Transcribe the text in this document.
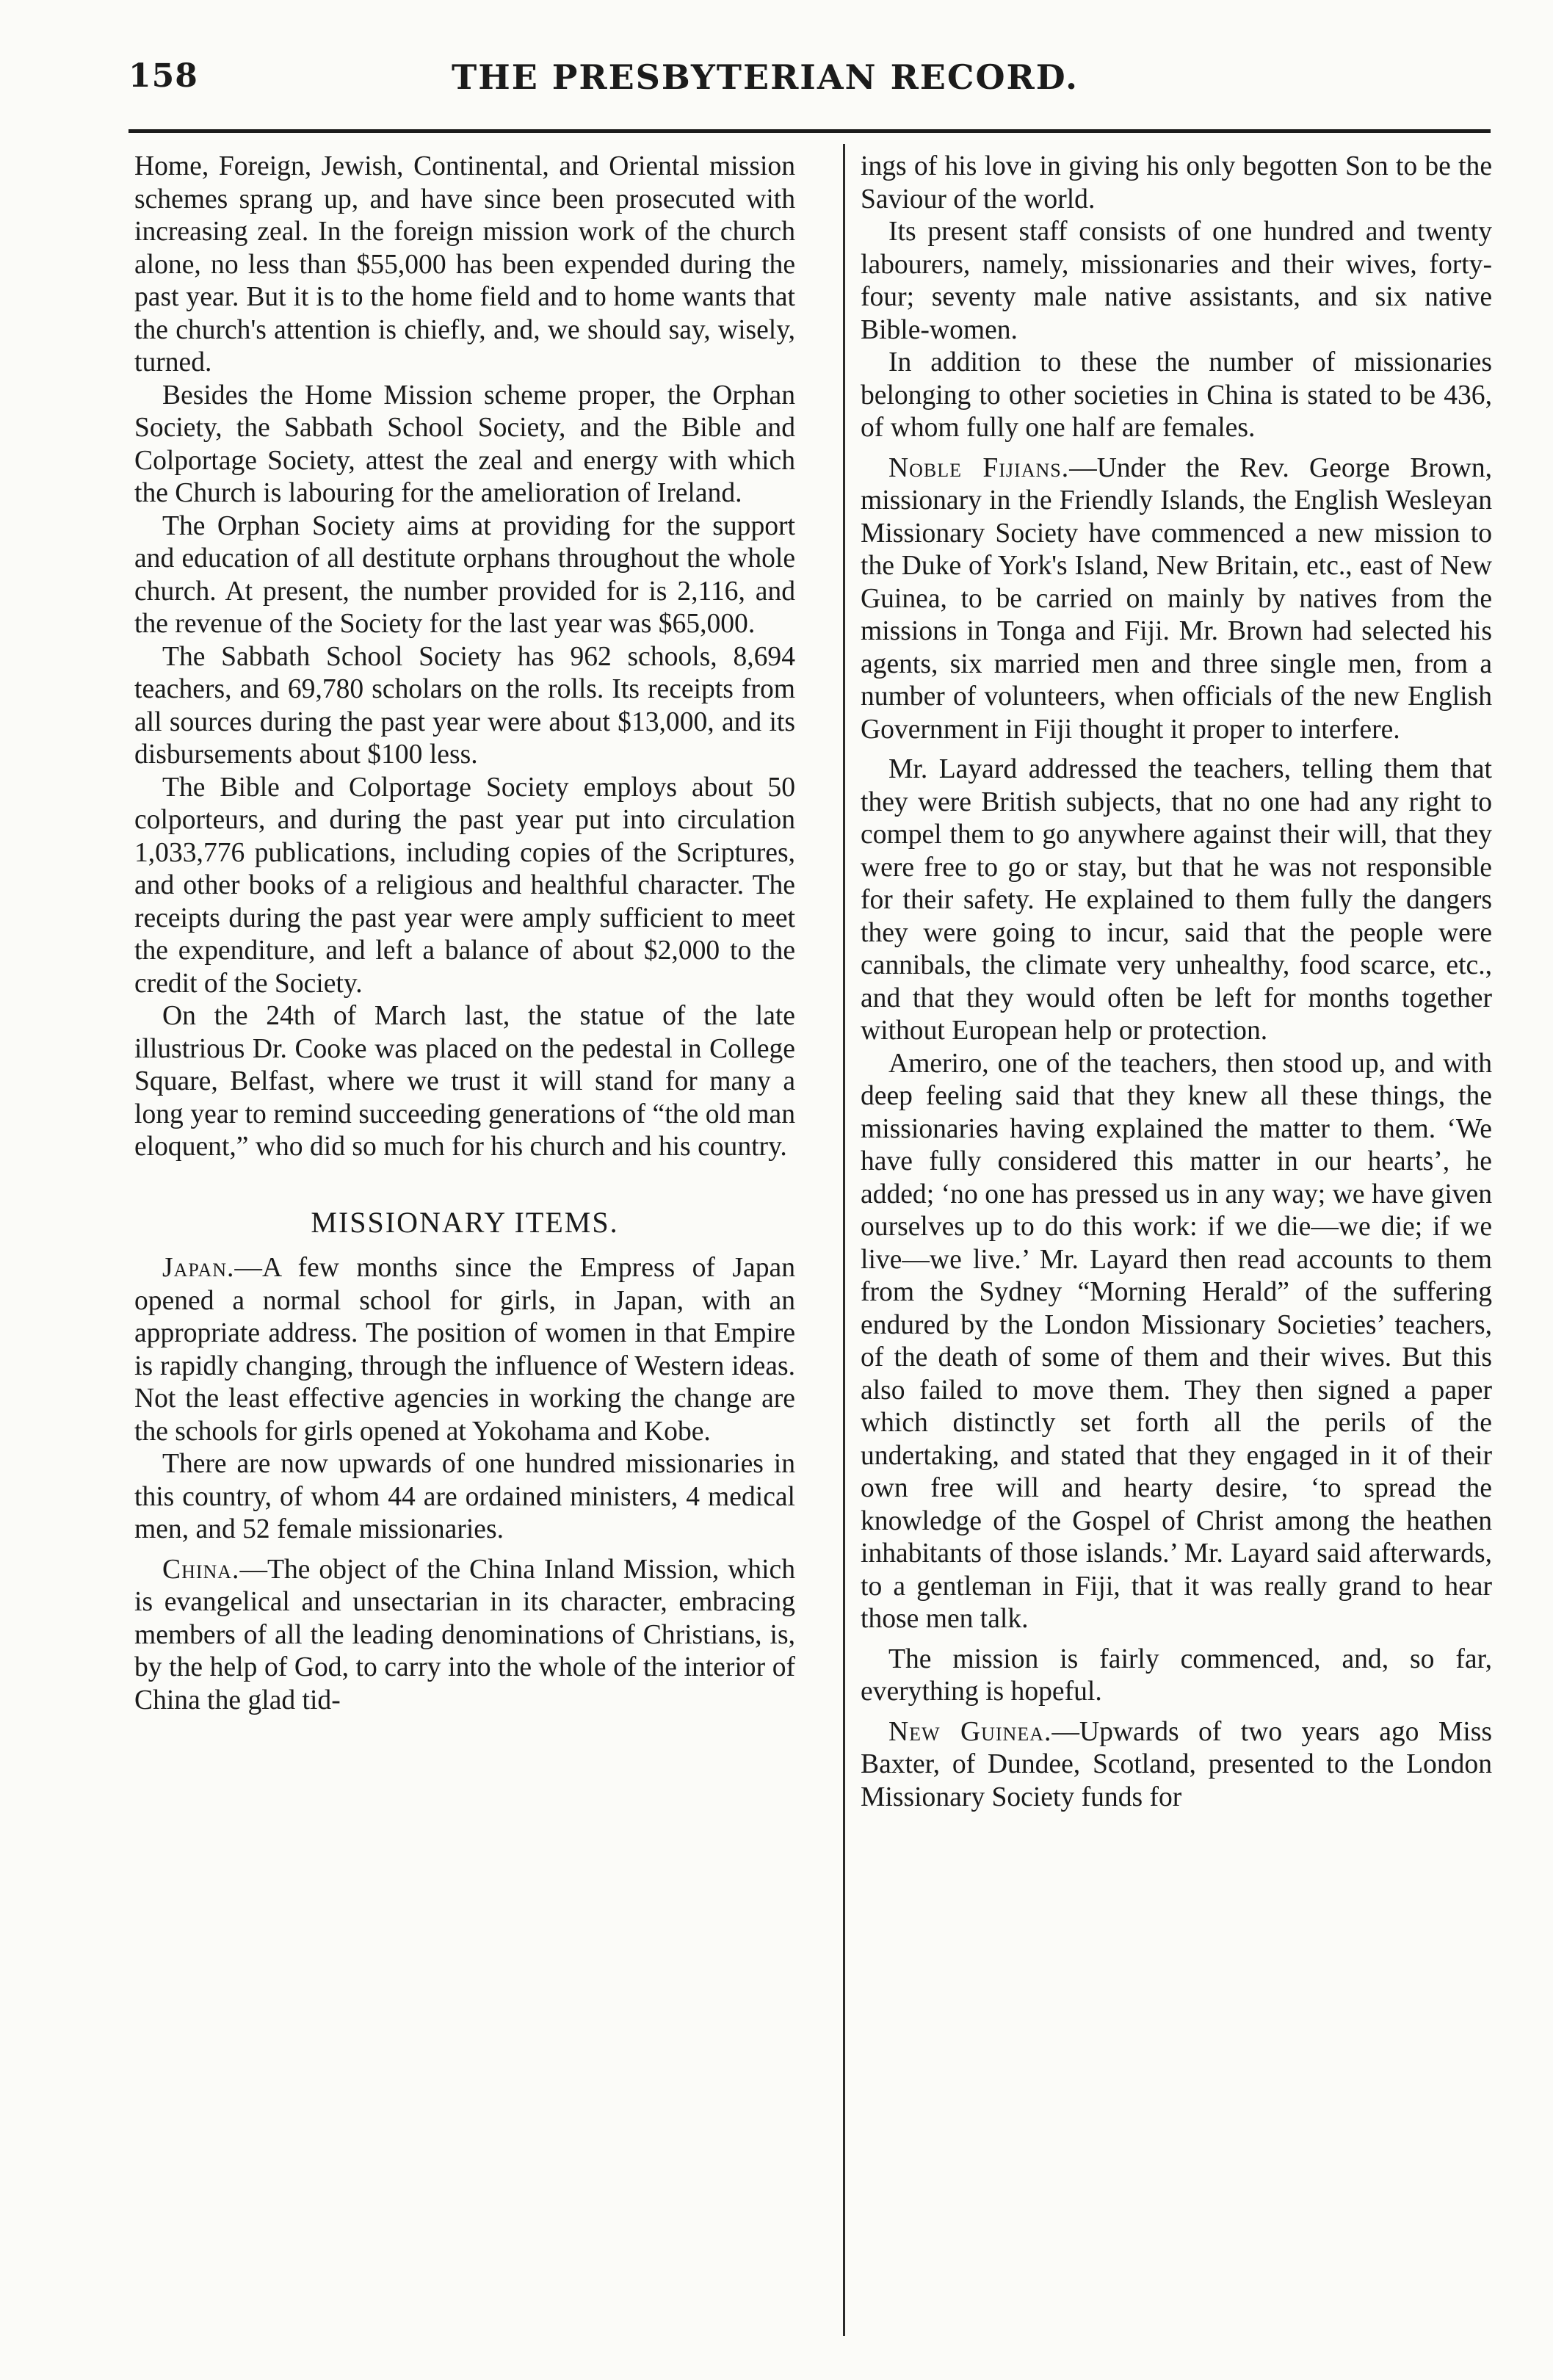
158	THE PRESBYTERIAN RECORD.

Home, Foreign, Jewish, Continental, and Oriental mission schemes sprang up, and have since been prosecuted with increasing zeal. In the foreign mission work of the church alone, no less than $55,000 has been expended during the past year. But it is to the home field and to home wants that the church's attention is chiefly, and, we should say, wisely, turned.

Besides the Home Mission scheme proper, the Orphan Society, the Sabbath School Society, and the Bible and Colportage Society, attest the zeal and energy with which the Church is labouring for the amelioration of Ireland.

The Orphan Society aims at providing for the support and education of all destitute orphans throughout the whole church. At present, the number provided for is 2,116, and the revenue of the Society for the last year was $65,000.

The Sabbath School Society has 962 schools, 8,694 teachers, and 69,780 scholars on the rolls. Its receipts from all sources during the past year were about $13,000, and its disbursements about $100 less.

The Bible and Colportage Society employs about 50 colporteurs, and during the past year put into circulation 1,033,776 publications, including copies of the Scriptures, and other books of a religious and healthful character. The receipts during the past year were amply sufficient to meet the expenditure, and left a balance of about $2,000 to the credit of the Society.

On the 24th of March last, the statue of the late illustrious Dr. Cooke was placed on the pedestal in College Square, Belfast, where we trust it will stand for many a long year to remind succeeding generations of “the old man eloquent,” who did so much for his church and his country.

MISSIONARY ITEMS.

Japan.—A few months since the Empress of Japan opened a normal school for girls, in Japan, with an appropriate address. The position of women in that Empire is rapidly changing, through the influence of Western ideas. Not the least effective agencies in working the change are the schools for girls opened at Yokohama and Kobe.

There are now upwards of one hundred missionaries in this country, of whom 44 are ordained ministers, 4 medical men, and 52 female missionaries.

China.—The object of the China Inland Mission, which is evangelical and unsectarian in its character, embracing members of all the leading denominations of Christians, is, by the help of God, to carry into the whole of the interior of China the glad tid-

ings of his love in giving his only begotten Son to be the Saviour of the world.

Its present staff consists of one hundred and twenty labourers, namely, missionaries and their wives, forty-four; seventy male native assistants, and six native Bible-women.

In addition to these the number of missionaries belonging to other societies in China is stated to be 436, of whom fully one half are females.

Noble Fijians.—Under the Rev. George Brown, missionary in the Friendly Islands, the English Wesleyan Missionary Society have commenced a new mission to the Duke of York's Island, New Britain, etc., east of New Guinea, to be carried on mainly by natives from the missions in Tonga and Fiji. Mr. Brown had selected his agents, six married men and three single men, from a number of volunteers, when officials of the new English Government in Fiji thought it proper to interfere.

Mr. Layard addressed the teachers, telling them that they were British subjects, that no one had any right to compel them to go anywhere against their will, that they were free to go or stay, but that he was not responsible for their safety. He explained to them fully the dangers they were going to incur, said that the people were cannibals, the climate very unhealthy, food scarce, etc., and that they would often be left for months together without European help or protection.

Ameriro, one of the teachers, then stood up, and with deep feeling said that they knew all these things, the missionaries having explained the matter to them. ‘We have fully considered this matter in our hearts’, he added; ‘no one has pressed us in any way; we have given ourselves up to do this work: if we die—we die; if we live—we live.’ Mr. Layard then read accounts to them from the Sydney “Morning Herald” of the suffering endured by the London Missionary Societies’ teachers, of the death of some of them and their wives. But this also failed to move them. They then signed a paper which distinctly set forth all the perils of the undertaking, and stated that they engaged in it of their own free will and hearty desire, ‘to spread the knowledge of the Gospel of Christ among the heathen inhabitants of those islands.’ Mr. Layard said afterwards, to a gentleman in Fiji, that it was really grand to hear those men talk.

The mission is fairly commenced, and, so far, everything is hopeful.

New Guinea.—Upwards of two years ago Miss Baxter, of Dundee, Scotland, presented to the London Missionary Society funds for
